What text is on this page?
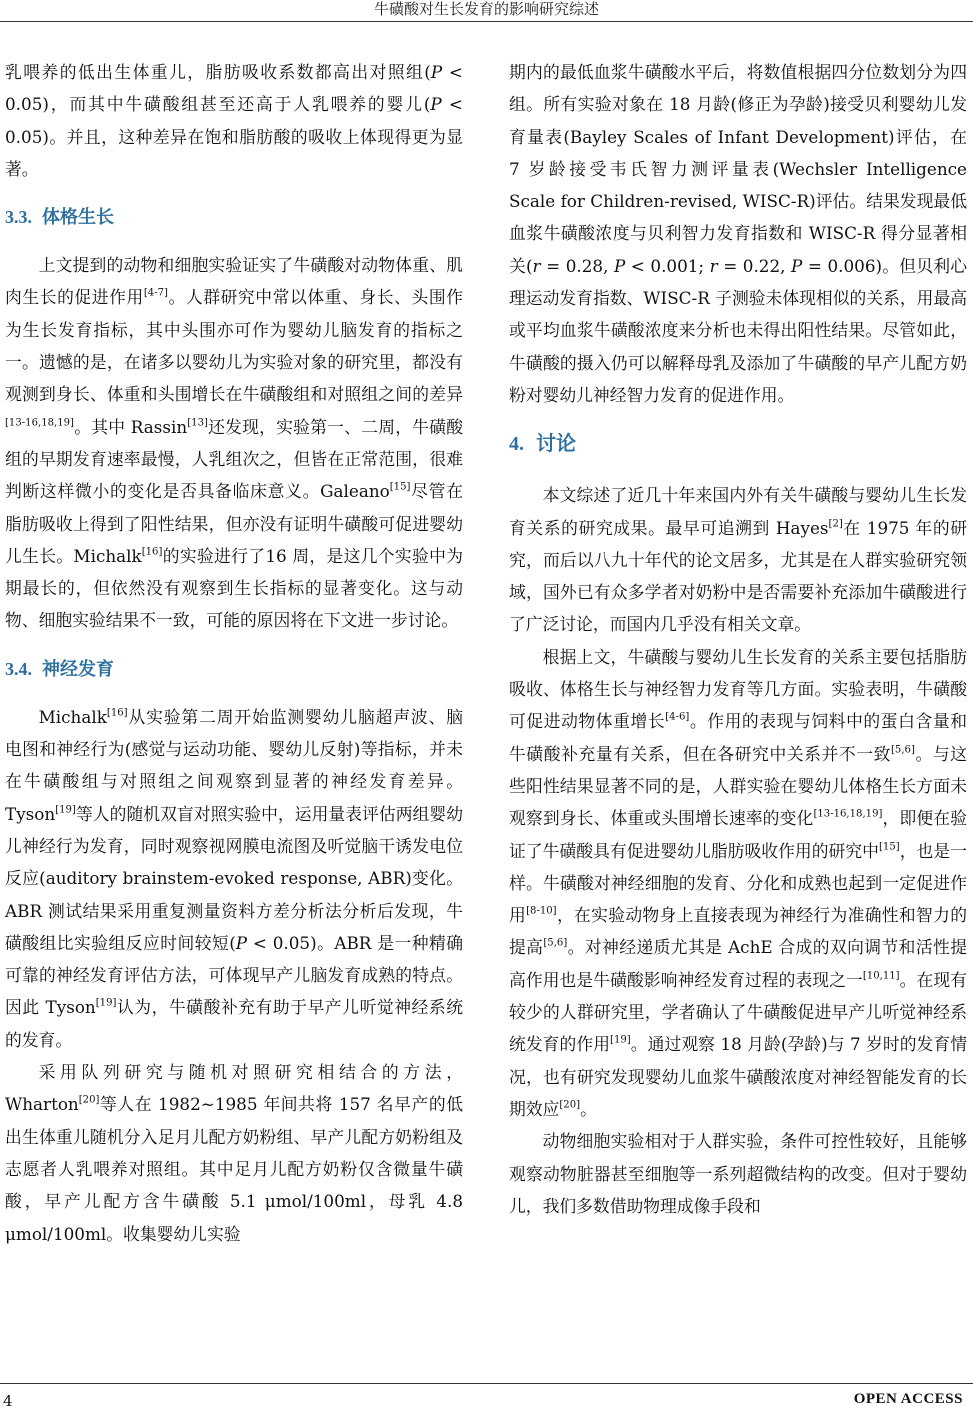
牛磺酸对生长发育的影响研究综述

乳喂养的低出生体重儿，脂肪吸收系数都高出对照组(P < 0.05)，而其中牛磺酸组甚至还高于人乳喂养的婴儿(P < 0.05)。并且，这种差异在饱和脂肪酸的吸收上体现得更为显著。

3.3. 体格生长

上文提到的动物和细胞实验证实了牛磺酸对动物体重、肌肉生长的促进作用[4-7]。人群研究中常以体重、身长、头围作为生长发育指标，其中头围亦可作为婴幼儿脑发育的指标之一。遗憾的是，在诸多以婴幼儿为实验对象的研究里，都没有观测到身长、体重和头围增长在牛磺酸组和对照组之间的差异[13-16,18,19]。其中 Rassin[13]还发现，实验第一、二周，牛磺酸组的早期发育速率最慢，人乳组次之，但皆在正常范围，很难判断这样微小的变化是否具备临床意义。Galeano[15]尽管在脂肪吸收上得到了阳性结果，但亦没有证明牛磺酸可促进婴幼儿生长。Michalk[16]的实验进行了16 周，是这几个实验中为期最长的，但依然没有观察到生长指标的显著变化。这与动物、细胞实验结果不一致，可能的原因将在下文进一步讨论。

3.4. 神经发育

Michalk[16]从实验第二周开始监测婴幼儿脑超声波、脑电图和神经行为(感觉与运动功能、婴幼儿反射)等指标，并未在牛磺酸组与对照组之间观察到显著的神经发育差异。Tyson[19]等人的随机双盲对照实验中，运用量表评估两组婴幼儿神经行为发育，同时观察视网膜电流图及听觉脑干诱发电位反应(auditory brainstem-evoked response, ABR)变化。ABR 测试结果采用重复测量资料方差分析法分析后发现，牛磺酸组比实验组反应时间较短(P < 0.05)。ABR 是一种精确可靠的神经发育评估方法，可体现早产儿脑发育成熟的特点。因此 Tyson[19]认为，牛磺酸补充有助于早产儿听觉神经系统的发育。

采用队列研究与随机对照研究相结合的方法，Wharton[20]等人在 1982~1985 年间共将 157 名早产的低出生体重儿随机分入足月儿配方奶粉组、早产儿配方奶粉组及志愿者人乳喂养对照组。其中足月儿配方奶粉仅含微量牛磺酸，早产儿配方含牛磺酸 5.1 μmol/100ml，母乳 4.8 μmol/100ml。收集婴幼儿实验

期内的最低血浆牛磺酸水平后，将数值根据四分位数划分为四组。所有实验对象在 18 月龄(修正为孕龄)接受贝利婴幼儿发育量表(Bayley Scales of Infant Development)评估，在 7 岁龄接受韦氏智力测评量表(Wechsler Intelligence Scale for Children-revised, WISC-R)评估。结果发现最低血浆牛磺酸浓度与贝利智力发育指数和 WISC-R 得分显著相关(r = 0.28, P < 0.001; r = 0.22, P = 0.006)。但贝利心理运动发育指数、WISC-R 子测验未体现相似的关系，用最高或平均血浆牛磺酸浓度来分析也未得出阳性结果。尽管如此，牛磺酸的摄入仍可以解释母乳及添加了牛磺酸的早产儿配方奶粉对婴幼儿神经智力发育的促进作用。

4. 讨论

本文综述了近几十年来国内外有关牛磺酸与婴幼儿生长发育关系的研究成果。最早可追溯到 Hayes[2]在 1975 年的研究，而后以八九十年代的论文居多，尤其是在人群实验研究领域，国外已有众多学者对奶粉中是否需要补充添加牛磺酸进行了广泛讨论，而国内几乎没有相关文章。

根据上文，牛磺酸与婴幼儿生长发育的关系主要包括脂肪吸收、体格生长与神经智力发育等几方面。实验表明，牛磺酸可促进动物体重增长[4-6]。作用的表现与饲料中的蛋白含量和牛磺酸补充量有关系，但在各研究中关系并不一致[5,6]。与这些阳性结果显著不同的是，人群实验在婴幼儿体格生长方面未观察到身长、体重或头围增长速率的变化[13-16,18,19]，即便在验证了牛磺酸具有促进婴幼儿脂肪吸收作用的研究中[15]，也是一样。牛磺酸对神经细胞的发育、分化和成熟也起到一定促进作用[8-10]，在实验动物身上直接表现为神经行为准确性和智力的提高[5,6]。对神经递质尤其是 AchE 合成的双向调节和活性提高作用也是牛磺酸影响神经发育过程的表现之一[10,11]。在现有较少的人群研究里，学者确认了牛磺酸促进早产儿听觉神经系统发育的作用[19]。通过观察 18 月龄(孕龄)与 7 岁时的发育情况，也有研究发现婴幼儿血浆牛磺酸浓度对神经智能发育的长期效应[20]。

动物细胞实验相对于人群实验，条件可控性较好，且能够观察动物脏器甚至细胞等一系列超微结构的改变。但对于婴幼儿，我们多数借助物理成像手段和

4	OPEN ACCESS
